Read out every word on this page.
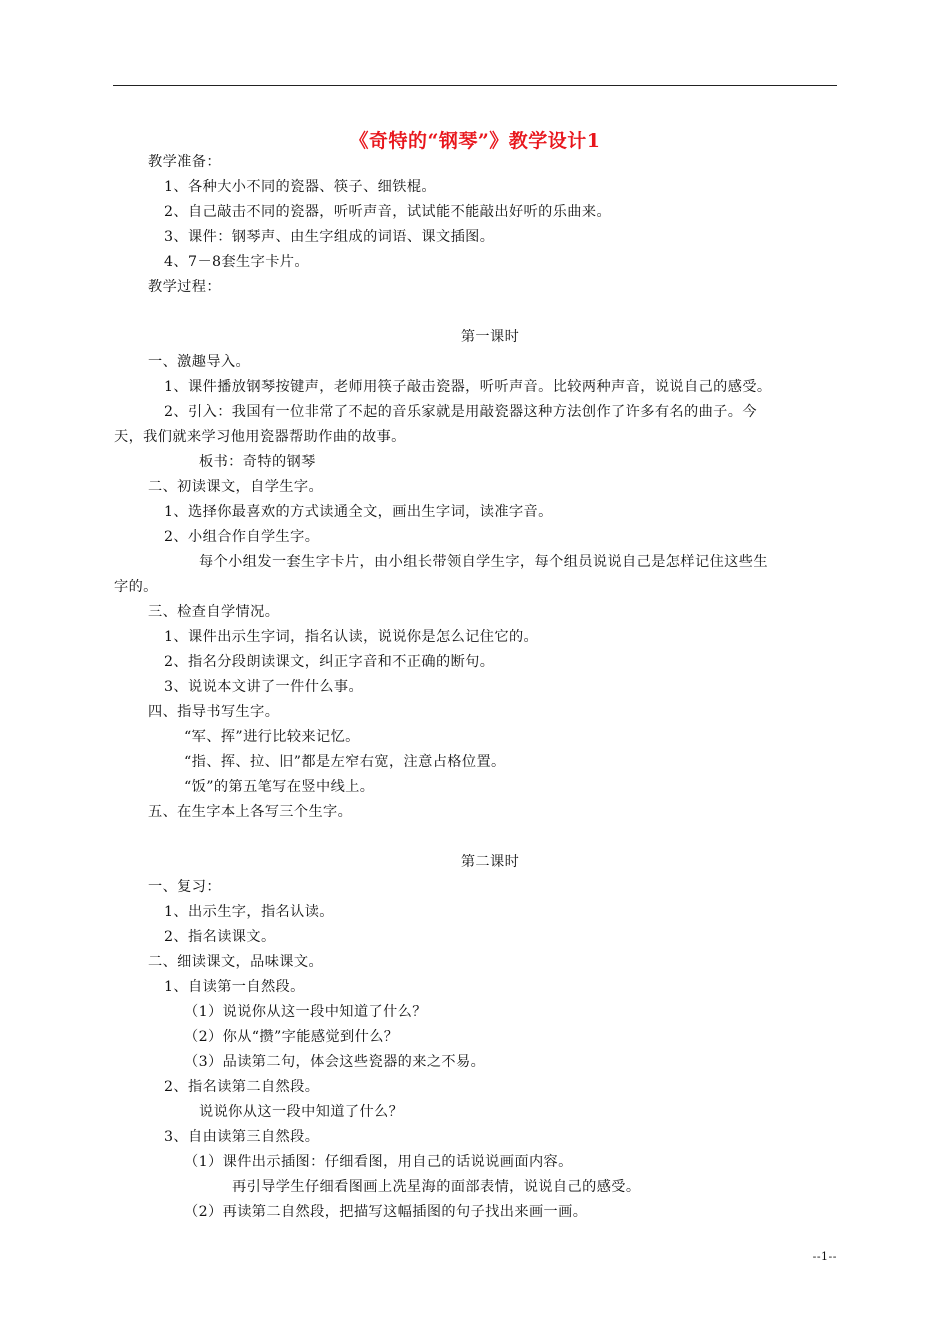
《奇特的“钢琴”》教学设计1
教学准备：
1、各种大小不同的瓷器、筷子、细铁棍。
2、自己敲击不同的瓷器，听听声音，试试能不能敲出好听的乐曲来。
3、课件：钢琴声、由生字组成的词语、课文插图。
4、7－8套生字卡片。
教学过程：
第一课时
一、激趣导入。
1、课件播放钢琴按键声，老师用筷子敲击瓷器，听听声音。比较两种声音，说说自己的感受。
2、引入：我国有一位非常了不起的音乐家就是用敲瓷器这种方法创作了许多有名的曲子。今
天，我们就来学习他用瓷器帮助作曲的故事。
板书：奇特的钢琴
二、初读课文，自学生字。
1、选择你最喜欢的方式读通全文，画出生字词，读准字音。
2、小组合作自学生字。
每个小组发一套生字卡片，由小组长带领自学生字，每个组员说说自己是怎样记住这些生
字的。
三、检查自学情况。
1、课件出示生字词，指名认读，说说你是怎么记住它的。
2、指名分段朗读课文，纠正字音和不正确的断句。
3、说说本文讲了一件什么事。
四、指导书写生字。
“军、挥”进行比较来记忆。
“指、挥、拉、旧”都是左窄右宽，注意占格位置。
“饭”的第五笔写在竖中线上。
五、在生字本上各写三个生字。
第二课时
一、复习：
1、出示生字，指名认读。
2、指名读课文。
二、细读课文，品味课文。
1、自读第一自然段。
（1）说说你从这一段中知道了什么？
（2）你从“攒”字能感觉到什么？
（3）品读第二句，体会这些瓷器的来之不易。
2、指名读第二自然段。
说说你从这一段中知道了什么？
3、自由读第三自然段。
（1）课件出示插图：仔细看图，用自己的话说说画面内容。
再引导学生仔细看图画上冼星海的面部表情，说说自己的感受。
（2）再读第二自然段，把描写这幅插图的句子找出来画一画。
--1--
